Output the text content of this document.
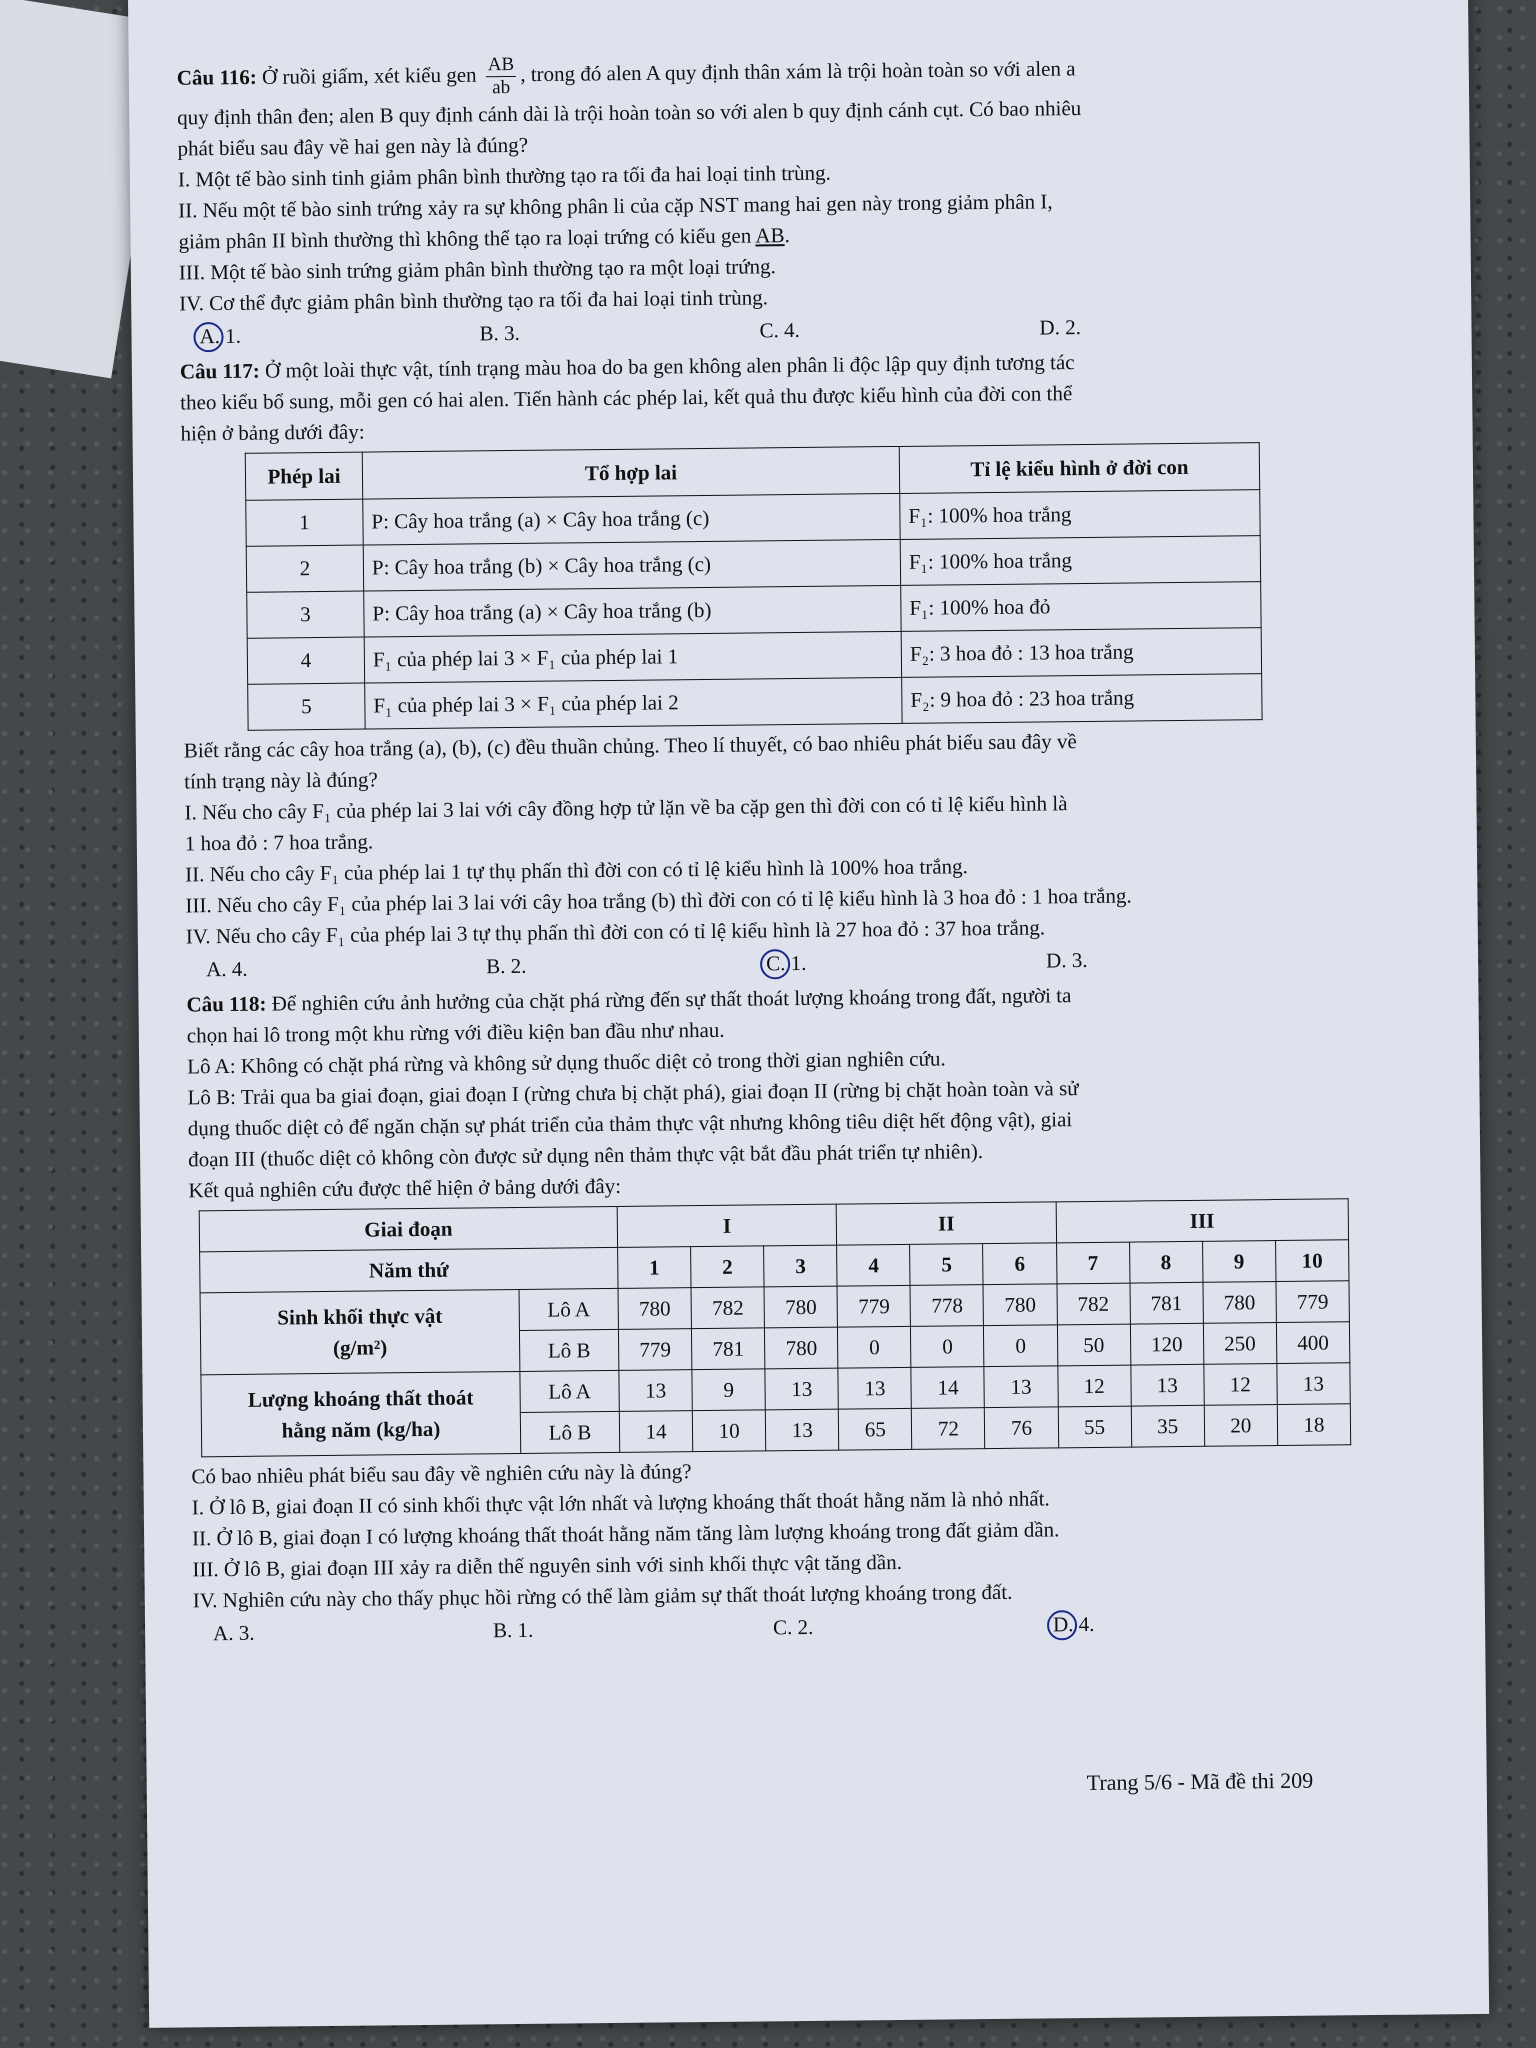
Câu 116: Ở ruồi giấm, xét kiểu gen $\frac{AB}{ab}$ , trong đó alen A quy định thân xám là trội hoàn toàn so với alen a

quy định thân đen; alen B quy định cánh dài là trội hoàn toàn so với alen b quy định cánh cụt. Có bao nhiêu

phát biểu sau đây về hai gen này là đúng?

I. Một tế bào sinh tinh giảm phân bình thường tạo ra tối đa hai loại tinh trùng.

II. Nếu một tế bào sinh trứng xảy ra sự không phân li của cặp NST mang hai gen này trong giảm phân I,

giảm phân II bình thường thì không thể tạo ra loại trứng có kiểu gen AB.

III. Một tế bào sinh trứng giảm phân bình thường tạo ra một loại trứng.

IV. Cơ thể đực giảm phân bình thường tạo ra tối đa hai loại tinh trùng.

A. 1.	B. 3.	C. 4.	D. 2.

Câu 117: Ở một loài thực vật, tính trạng màu hoa do ba gen không alen phân li độc lập quy định tương tác

theo kiểu bổ sung, mỗi gen có hai alen. Tiến hành các phép lai, kết quả thu được kiểu hình của đời con thể

hiện ở bảng dưới đây:

Phép lai	Tổ hợp lai	Tỉ lệ kiểu hình ở đời con
1	P: Cây hoa trắng (a) × Cây hoa trắng (c)	F₁: 100% hoa trắng
2	P: Cây hoa trắng (b) × Cây hoa trắng (c)	F₁: 100% hoa trắng
3	P: Cây hoa trắng (a) × Cây hoa trắng (b)	F₁: 100% hoa đỏ
4	F₁ của phép lai 3 × F₁ của phép lai 1	F₂: 3 hoa đỏ : 13 hoa trắng
5	F₁ của phép lai 3 × F₁ của phép lai 2	F₂: 9 hoa đỏ : 23 hoa trắng

Biết rằng các cây hoa trắng (a), (b), (c) đều thuần chủng. Theo lí thuyết, có bao nhiêu phát biểu sau đây về

tính trạng này là đúng?

I. Nếu cho cây F₁ của phép lai 3 lai với cây đồng hợp tử lặn về ba cặp gen thì đời con có tỉ lệ kiểu hình là

1 hoa đỏ : 7 hoa trắng.

II. Nếu cho cây F₁ của phép lai 1 tự thụ phấn thì đời con có tỉ lệ kiểu hình là 100% hoa trắng.

III. Nếu cho cây F₁ của phép lai 3 lai với cây hoa trắng (b) thì đời con có tỉ lệ kiểu hình là 3 hoa đỏ : 1 hoa trắng.

IV. Nếu cho cây F₁ của phép lai 3 tự thụ phấn thì đời con có tỉ lệ kiểu hình là 27 hoa đỏ : 37 hoa trắng.

A. 4.	B. 2.	C. 1.	D. 3.

Câu 118: Để nghiên cứu ảnh hưởng của chặt phá rừng đến sự thất thoát lượng khoáng trong đất, người ta

chọn hai lô trong một khu rừng với điều kiện ban đầu như nhau.

Lô A: Không có chặt phá rừng và không sử dụng thuốc diệt cỏ trong thời gian nghiên cứu.

Lô B: Trải qua ba giai đoạn, giai đoạn I (rừng chưa bị chặt phá), giai đoạn II (rừng bị chặt hoàn toàn và sử

dụng thuốc diệt cỏ để ngăn chặn sự phát triển của thảm thực vật nhưng không tiêu diệt hết động vật), giai

đoạn III (thuốc diệt cỏ không còn được sử dụng nên thảm thực vật bắt đầu phát triển tự nhiên).

Kết quả nghiên cứu được thể hiện ở bảng dưới đây:

Giai đoạn		I			II			III			
Năm thứ		1	2	3	4	5	6	7	8	9	10

Sinh khối thực vật
(g/m²)	Lô A	780	782	780	779	778	780	782	781	780	779
	Lô B	779	781	780	0	0	0	50	120	250	400

Lượng khoáng thất thoát
hằng năm (kg/ha)	Lô A	13	9	13	13	14	13	12	13	12	13
	Lô B	14	10	13	65	72	76	55	35	20	18

Có bao nhiêu phát biểu sau đây về nghiên cứu này là đúng?

I. Ở lô B, giai đoạn II có sinh khối thực vật lớn nhất và lượng khoáng thất thoát hằng năm là nhỏ nhất.

II. Ở lô B, giai đoạn I có lượng khoáng thất thoát hằng năm tăng làm lượng khoáng trong đất giảm dần.

III. Ở lô B, giai đoạn III xảy ra diễn thế nguyên sinh với sinh khối thực vật tăng dần.

IV. Nghiên cứu này cho thấy phục hồi rừng có thể làm giảm sự thất thoát lượng khoáng trong đất.

A. 3.	B. 1.	C. 2.	D. 4.
Trang 5/6 - Mã đề thi 209
